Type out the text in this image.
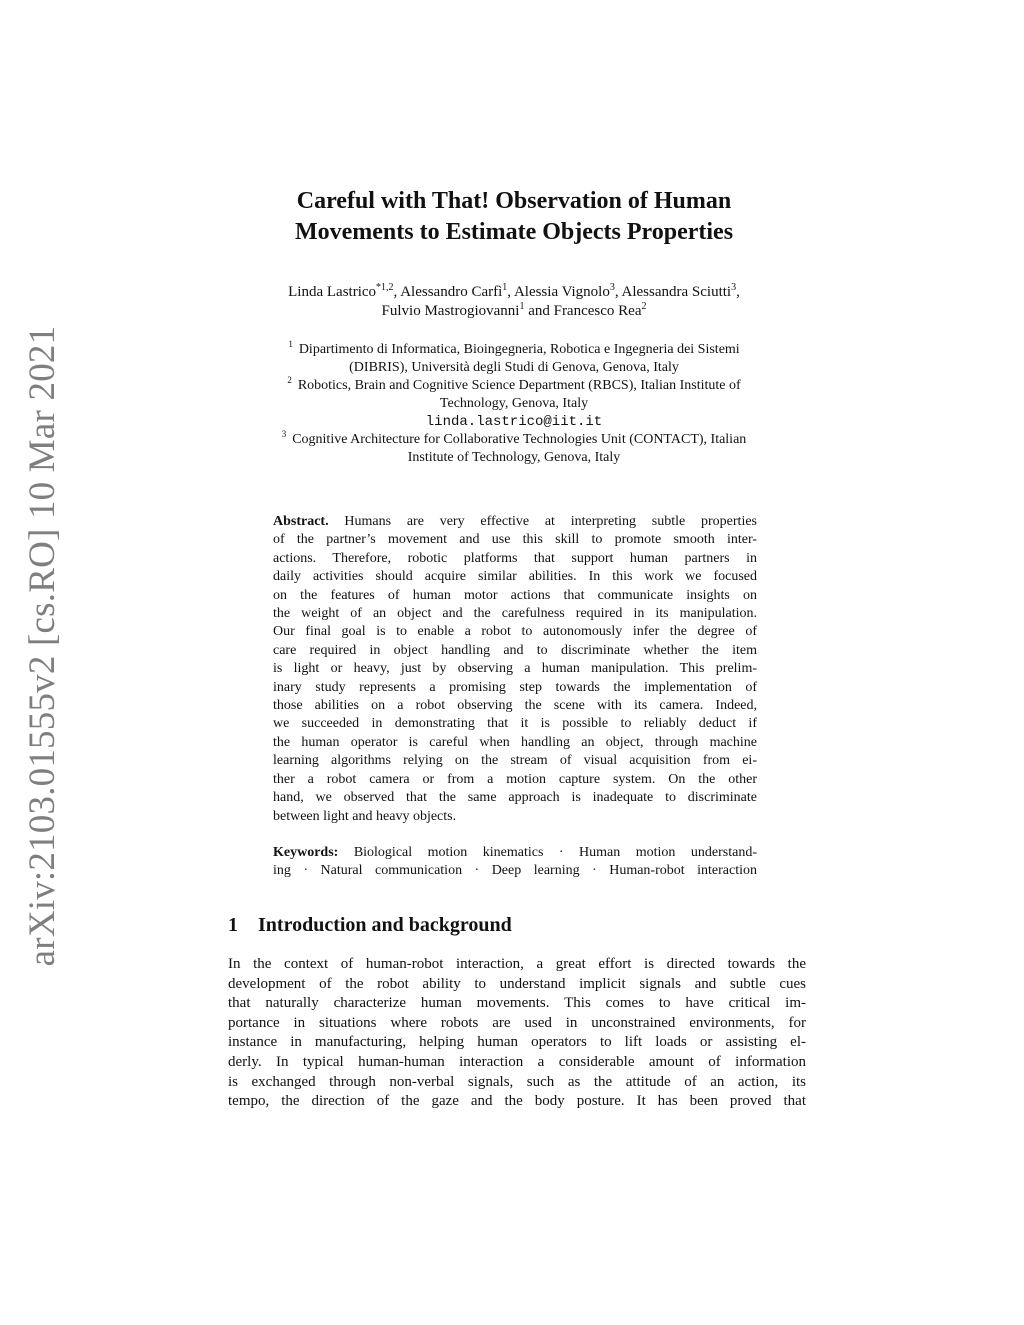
arXiv:2103.01555v2 [cs.RO] 10 Mar 2021
Careful with That! Observation of Human
Movements to Estimate Objects Properties
Linda Lastrico$^{*1,2}$, Alessandro Carfì$^1$, Alessia Vignolo$^3$, Alessandra Sciutti$^3$,
Fulvio Mastrogiovanni$^1$ and Francesco Rea$^2$
$^1$ Dipartimento di Informatica, Bioingegneria, Robotica e Ingegneria dei Sistemi
(DIBRIS), Università degli Studi di Genova, Genova, Italy
$^2$ Robotics, Brain and Cognitive Science Department (RBCS), Italian Institute of
Technology, Genova, Italy
linda.lastrico@iit.it
$^3$ Cognitive Architecture for Collaborative Technologies Unit (CONTACT), Italian
Institute of Technology, Genova, Italy
Abstract. Humans are very effective at interpreting subtle properties
of the partner’s movement and use this skill to promote smooth inter-
actions. Therefore, robotic platforms that support human partners in
daily activities should acquire similar abilities. In this work we focused
on the features of human motor actions that communicate insights on
the weight of an object and the carefulness required in its manipulation.
Our final goal is to enable a robot to autonomously infer the degree of
care required in object handling and to discriminate whether the item
is light or heavy, just by observing a human manipulation. This prelim-
inary study represents a promising step towards the implementation of
those abilities on a robot observing the scene with its camera. Indeed,
we succeeded in demonstrating that it is possible to reliably deduct if
the human operator is careful when handling an object, through machine
learning algorithms relying on the stream of visual acquisition from ei-
ther a robot camera or from a motion capture system. On the other
hand, we observed that the same approach is inadequate to discriminate
between light and heavy objects.
Keywords: Biological motion kinematics · Human motion understand-
ing · Natural communication · Deep learning · Human-robot interaction
1 Introduction and background
In the context of human-robot interaction, a great effort is directed towards the
development of the robot ability to understand implicit signals and subtle cues
that naturally characterize human movements. This comes to have critical im-
portance in situations where robots are used in unconstrained environments, for
instance in manufacturing, helping human operators to lift loads or assisting el-
derly. In typical human-human interaction a considerable amount of information
is exchanged through non-verbal signals, such as the attitude of an action, its
tempo, the direction of the gaze and the body posture. It has been proved that
